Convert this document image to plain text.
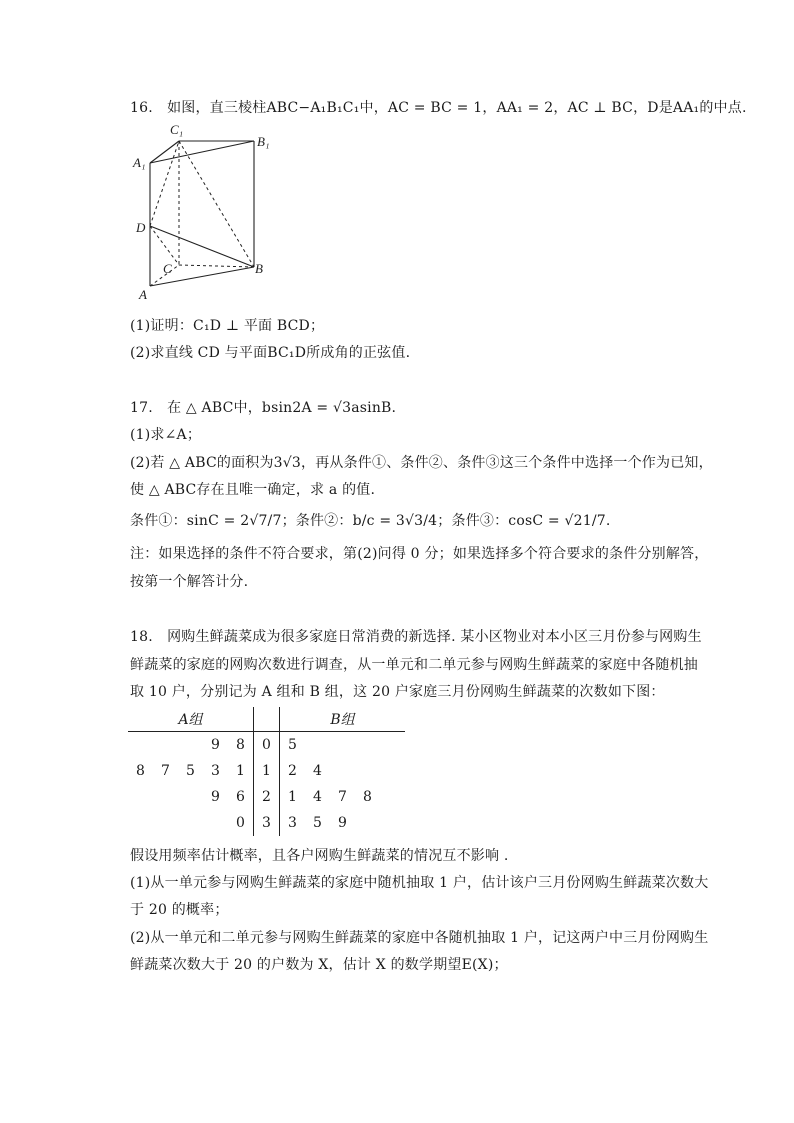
16.　如图，直三棱柱ABC−A₁B₁C₁中，AC = BC = 1，AA₁ = 2，AC ⊥ BC，D是AA₁的中点.
C₁
B₁
A₁
D
C	B
A
(1)证明：C₁D ⊥ 平面 BCD；
(2)求直线 CD 与平面BC₁D所成角的正弦值.
17.　在 △ ABC中，bsin2A = √3asinB.
(1)求∠A；
(2)若 △ ABC的面积为3√3，再从条件①、条件②、条件③这三个条件中选择一个作为已知，
使 △ ABC存在且唯一确定，求 a 的值.
条件①：sinC = 2√7/7；条件②：b/c = 3√3/4；条件③：cosC = √21/7.
注：如果选择的条件不符合要求，第(2)问得 0 分；如果选择多个符合要求的条件分别解答，
按第一个解答计分.
18.　网购生鲜蔬菜成为很多家庭日常消费的新选择. 某小区物业对本小区三月份参与网购生
鲜蔬菜的家庭的网购次数进行调查，从一单元和二单元参与网购生鲜蔬菜的家庭中各随机抽
取 10 户，分别记为 A 组和 B 组，这 20 户家庭三月份网购生鲜蔬菜的次数如下图：
A组						B组				
			9	8	0	5				
8	7	5	3	1	1	2	4			
			9	6	2	1	4	7	8	
				0	3	3	5	9		
假设用频率估计概率，且各户网购生鲜蔬菜的情况互不影响 .
(1)从一单元参与网购生鲜蔬菜的家庭中随机抽取 1 户，估计该户三月份网购生鲜蔬菜次数大
于 20 的概率；
(2)从一单元和二单元参与网购生鲜蔬菜的家庭中各随机抽取 1 户，记这两户中三月份网购生
鲜蔬菜次数大于 20 的户数为 X，估计 X 的数学期望E(X)；
